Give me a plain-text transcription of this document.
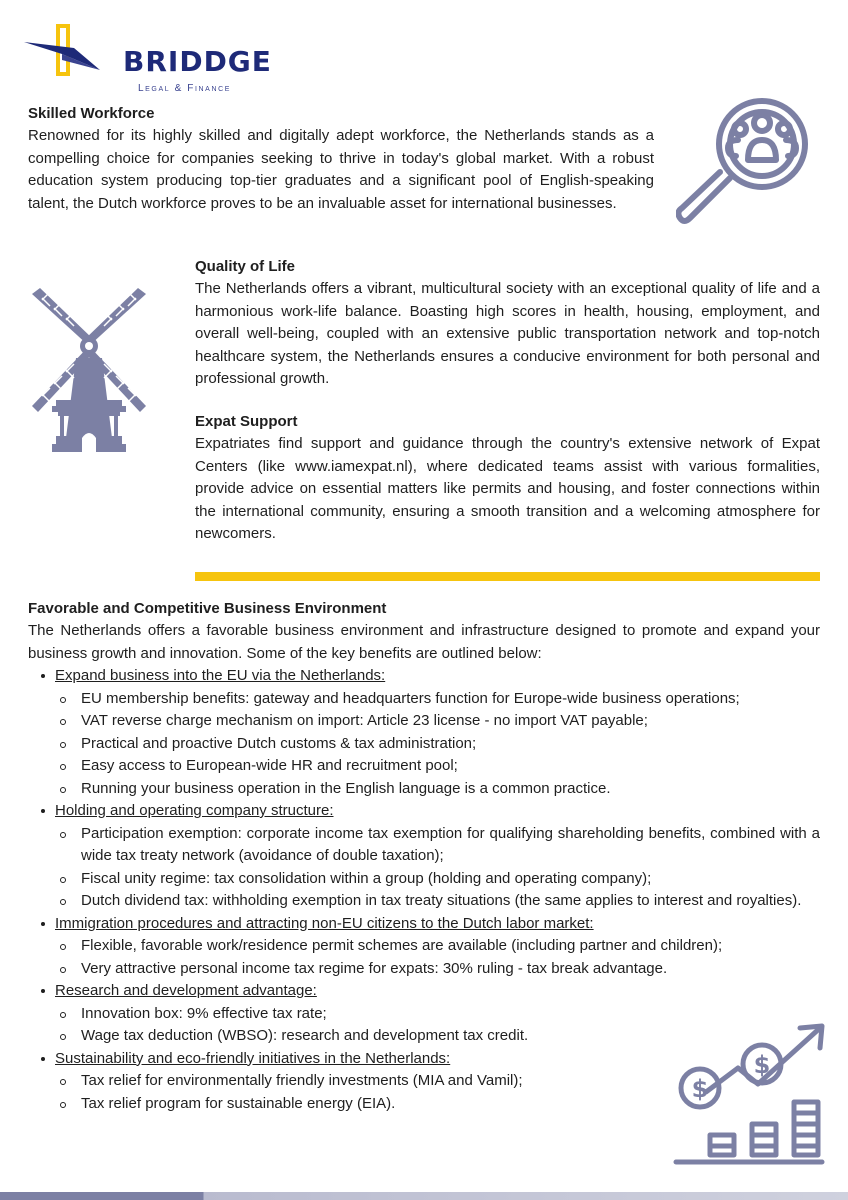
BRIDDGE
Legal & Finance
Skilled Workforce

Renowned for its highly skilled and digitally adept workforce, the Netherlands stands as a compelling choice for companies seeking to thrive in today's global market. With a robust education system producing top-tier graduates and a significant pool of English-speaking talent, the Dutch workforce proves to be an invaluable asset for international businesses.

Quality of Life

The Netherlands offers a vibrant, multicultural society with an exceptional quality of life and a harmonious work-life balance. Boasting high scores in health, housing, employment, and overall well-being, coupled with an extensive public transportation network and top-notch healthcare system, the Netherlands ensures a conducive environment for both personal and professional growth.

Expat Support

Expatriates find support and guidance through the country's extensive network of Expat Centers (like www.iamexpat.nl), where dedicated teams assist with various formalities, provide advice on essential matters like permits and housing, and foster connections within the international community, ensuring a smooth transition and a welcoming atmosphere for newcomers.

Favorable and Competitive Business Environment

The Netherlands offers a favorable business environment and infrastructure designed to promote and expand your business growth and innovation. Some of the key benefits are outlined below:

Expand business into the EU via the Netherlands:
EU membership benefits: gateway and headquarters function for Europe-wide business operations;
VAT reverse charge mechanism on import: Article 23 license - no import VAT payable;
Practical and proactive Dutch customs & tax administration;
Easy access to European-wide HR and recruitment pool;
Running your business operation in the English language is a common practice.
Holding and operating company structure:
Participation exemption: corporate income tax exemption for qualifying shareholding benefits, combined with a wide tax treaty network (avoidance of double taxation);
Fiscal unity regime: tax consolidation within a group (holding and operating company);
Dutch dividend tax: withholding exemption in tax treaty situations (the same applies to interest and royalties).
Immigration procedures and attracting non-EU citizens to the Dutch labor market:
Flexible, favorable work/residence permit schemes are available (including partner and children);
Very attractive personal income tax regime for expats: 30% ruling - tax break advantage.
Research and development advantage:
Innovation box: 9% effective tax rate;
Wage tax deduction (WBSO): research and development tax credit.
Sustainability and eco-friendly initiatives in the Netherlands:
Tax relief for environmentally friendly investments (MIA and Vamil);
Tax relief program for sustainable energy (EIA).	$
$
